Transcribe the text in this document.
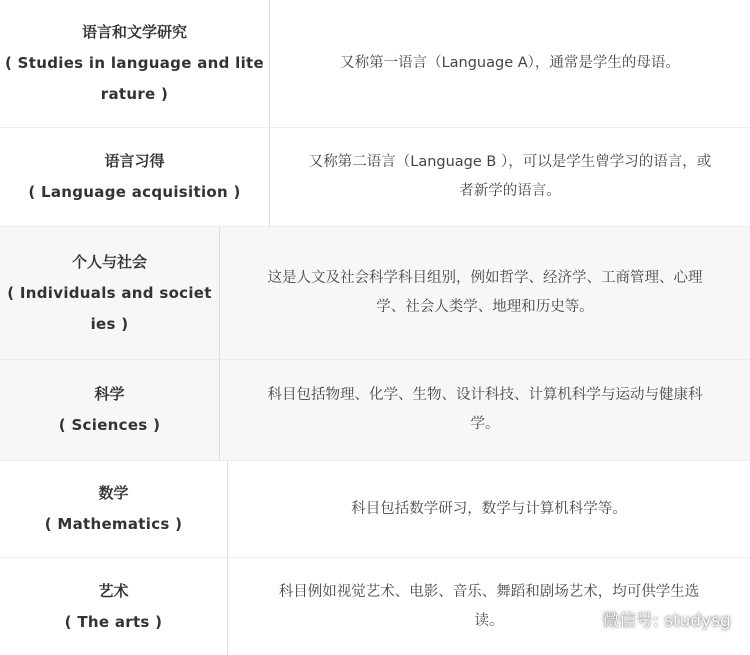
语言和文学研究
( Studies in language and lite
rature )
又称第一语言（Language A），通常是学生的母语。
语言习得
( Language acquisition )
又称第二语言（Language B ），可以是学生曾学习的语言，或
者新学的语言。
个人与社会
( Individuals and societ
ies )
这是人文及社会科学科目组别，例如哲学、经济学、工商管理、心理
学、社会人类学、地理和历史等。
科学
( Sciences )
科目包括物理、化学、生物、设计科技、计算机科学与运动与健康科
学。
数学
( Mathematics )
科目包括数学研习，数学与计算机科学等。
艺术
( The arts )
科目例如视觉艺术、电影、音乐、舞蹈和剧场艺术，均可供学生选
读。	微信号: studysg
